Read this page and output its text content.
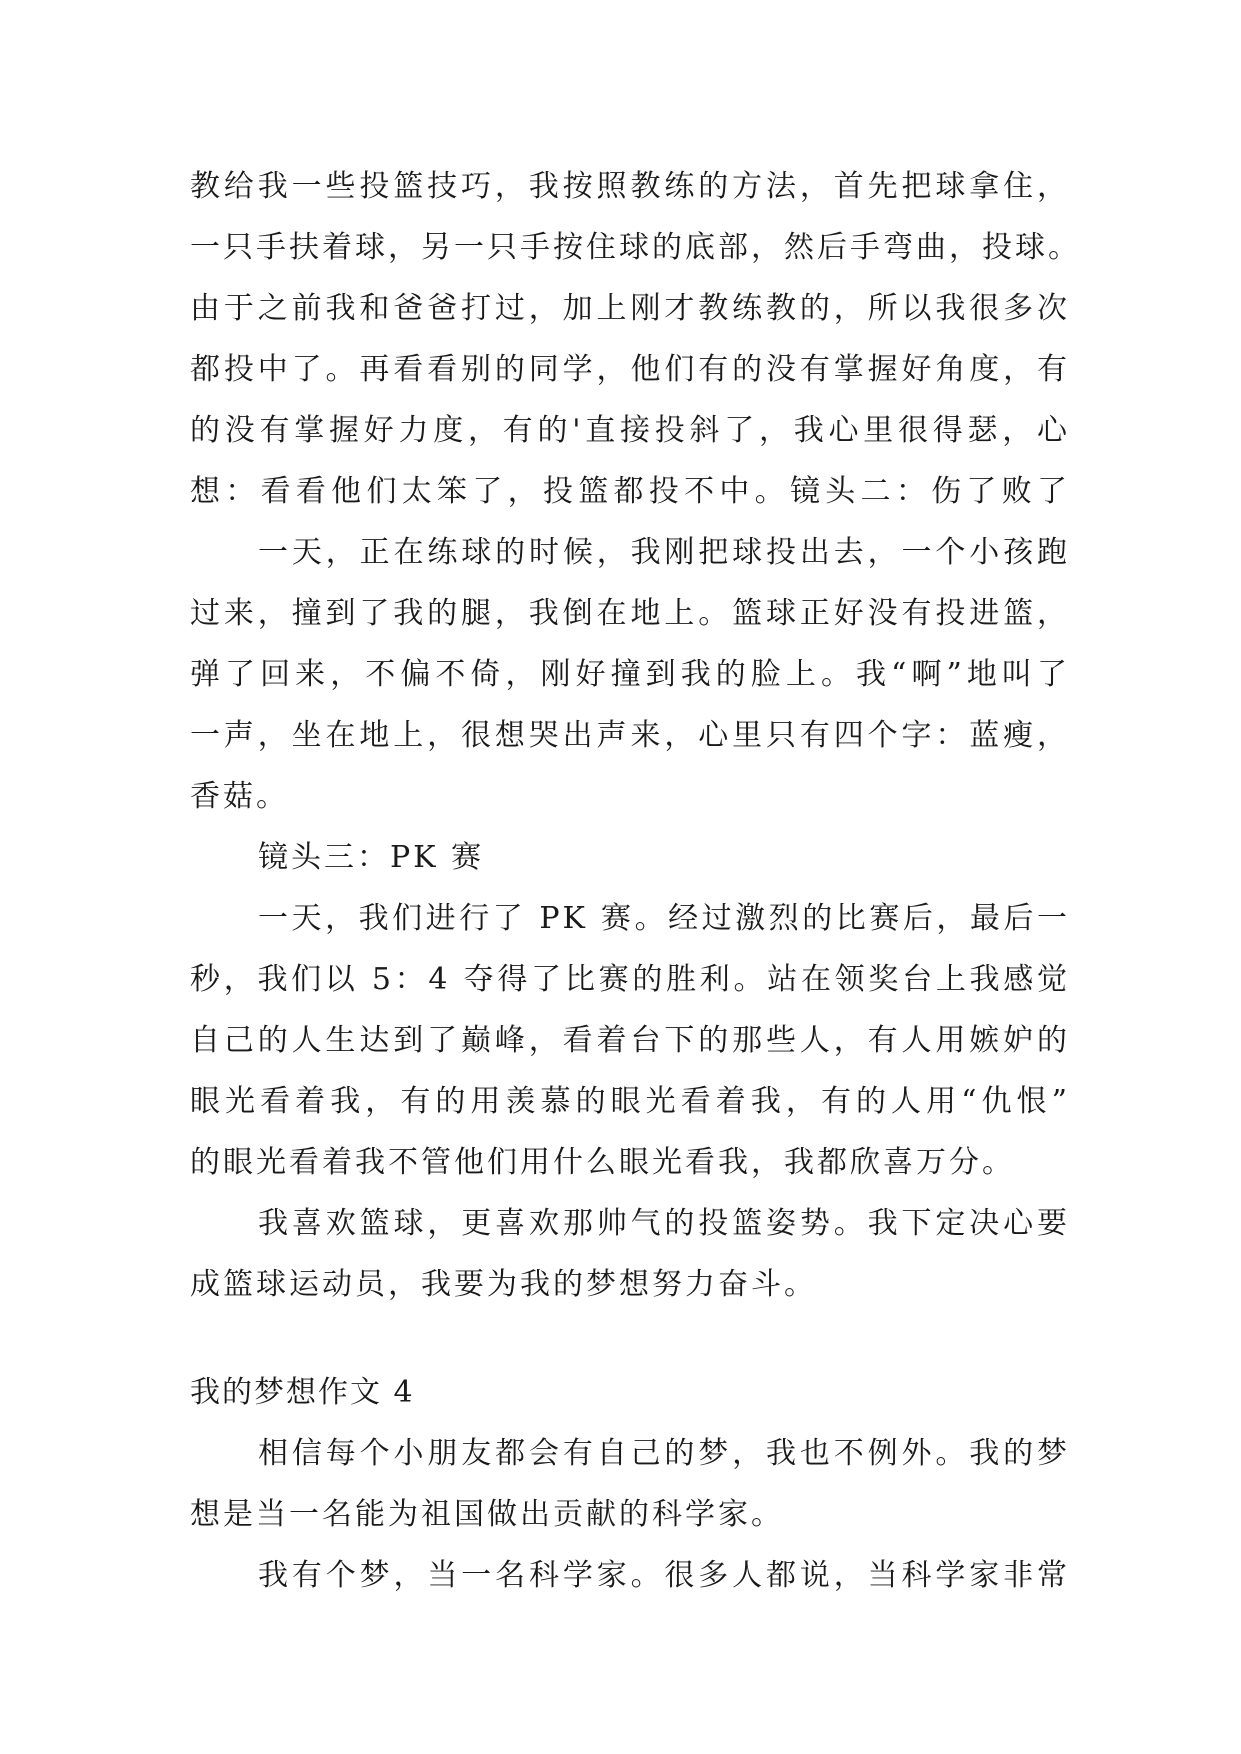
教给我一些投篮技巧，我按照教练的方法，首先把球拿住，
一只手扶着球，另一只手按住球的底部，然后手弯曲，投球。
由于之前我和爸爸打过，加上刚才教练教的，所以我很多次
都投中了。再看看别的同学，他们有的没有掌握好角度，有
的没有掌握好力度，有的'直接投斜了，我心里很得瑟，心
想：看看他们太笨了，投篮都投不中。镜头二：伤了败了
一天，正在练球的时候，我刚把球投出去，一个小孩跑
过来，撞到了我的腿，我倒在地上。篮球正好没有投进篮，
弹了回来，不偏不倚，刚好撞到我的脸上。我“啊”地叫了
一声，坐在地上，很想哭出声来，心里只有四个字：蓝瘦，
香菇。
镜头三：PK 赛
一天，我们进行了 PK 赛。经过激烈的比赛后，最后一
秒，我们以 5：4 夺得了比赛的胜利。站在领奖台上我感觉
自己的人生达到了巅峰，看着台下的那些人，有人用嫉妒的
眼光看着我，有的用羡慕的眼光看着我，有的人用“仇恨”
的眼光看着我不管他们用什么眼光看我，我都欣喜万分。
我喜欢篮球，更喜欢那帅气的投篮姿势。我下定决心要
成篮球运动员，我要为我的梦想努力奋斗。
我的梦想作文 4
相信每个小朋友都会有自己的梦，我也不例外。我的梦
想是当一名能为祖国做出贡献的科学家。
我有个梦，当一名科学家。很多人都说，当科学家非常
